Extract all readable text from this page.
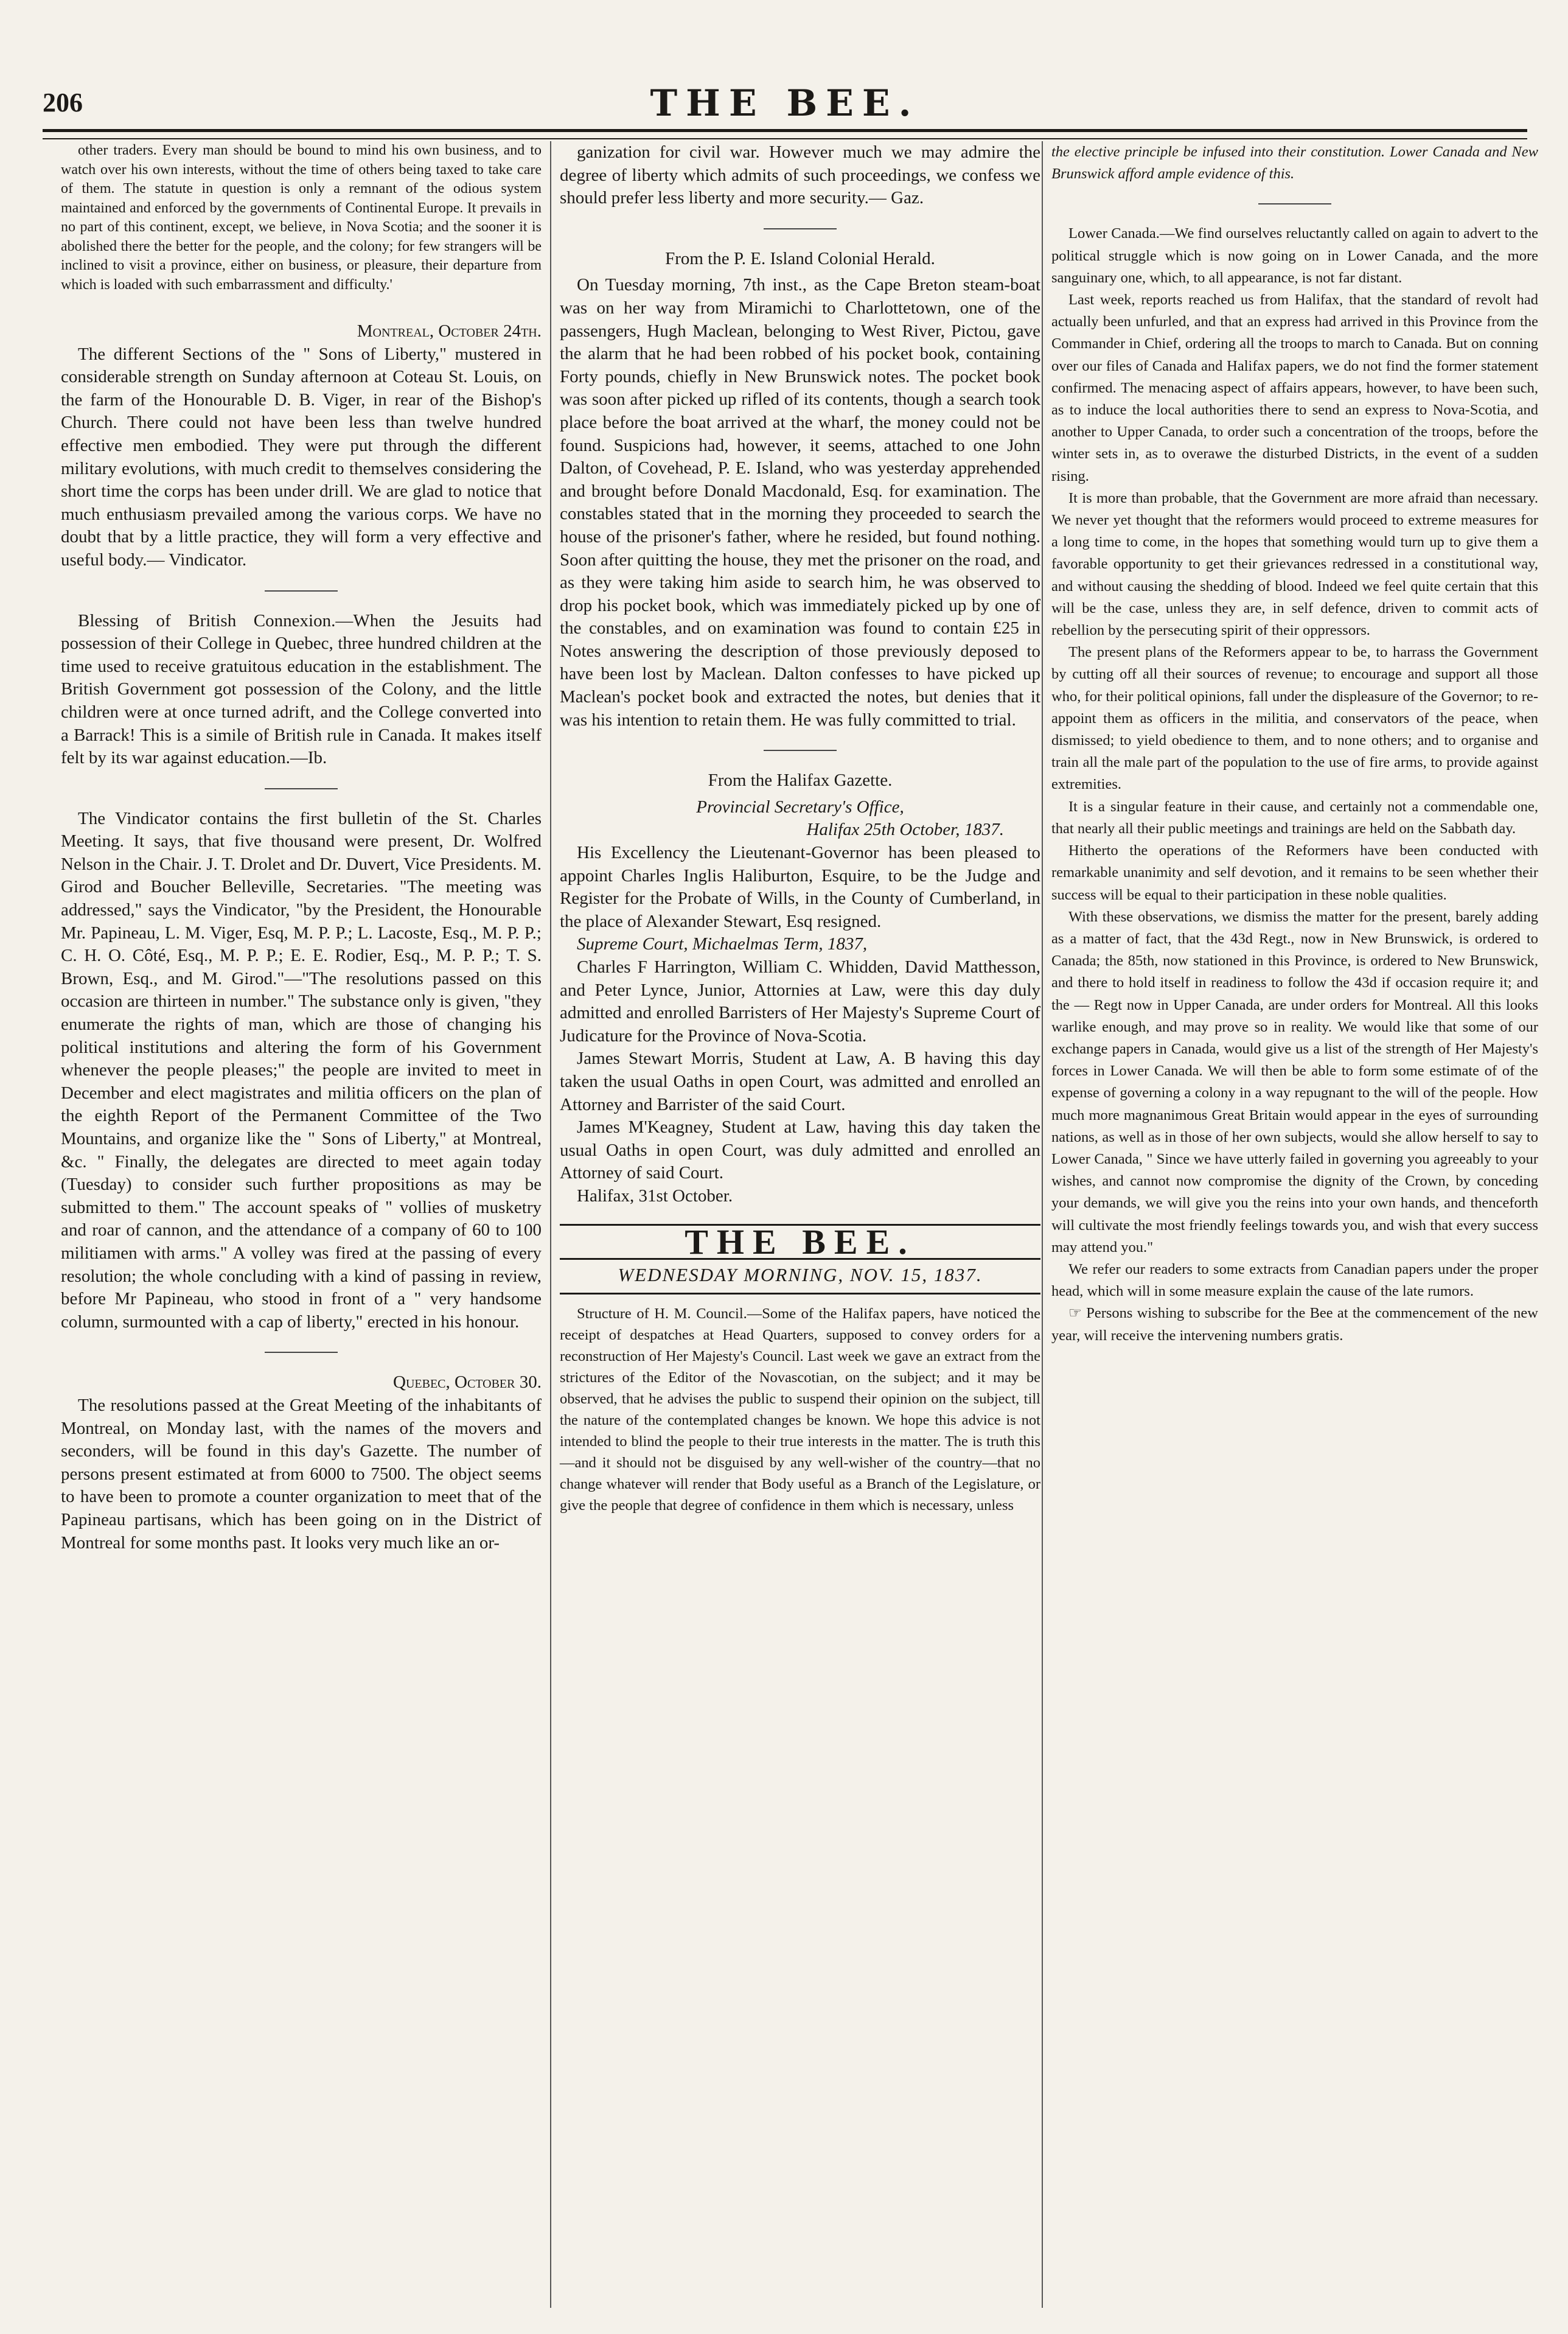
206	THE BEE.

other traders. Every man should be bound to mind his own business, and to watch over his own interests, without the time of others being taxed to take care of them. The statute in question is only a remnant of the odious system maintained and enforced by the governments of Continental Europe. It prevails in no part of this continent, except, we believe, in Nova Scotia; and the sooner it is abolished there the better for the people, and the colony; for few strangers will be inclined to visit a province, either on business, or pleasure, their departure from which is loaded with such embarrassment and difficulty.'

Montreal, October 24th.

The different Sections of the " Sons of Liberty," mustered in considerable strength on Sunday afternoon at Coteau St. Louis, on the farm of the Honourable D. B. Viger, in rear of the Bishop's Church. There could not have been less than twelve hundred effective men embodied. They were put through the different military evolutions, with much credit to themselves considering the short time the corps has been under drill. We are glad to notice that much enthusiasm prevailed among the various corps. We have no doubt that by a little practice, they will form a very effective and useful body.— Vindicator.

Blessing of British Connexion.—When the Jesuits had possession of their College in Quebec, three hundred children at the time used to receive gratuitous education in the establishment. The British Government got possession of the Colony, and the little children were at once turned adrift, and the College converted into a Barrack! This is a simile of British rule in Canada. It makes itself felt by its war against education.—Ib.

The Vindicator contains the first bulletin of the St. Charles Meeting. It says, that five thousand were present, Dr. Wolfred Nelson in the Chair. J. T. Drolet and Dr. Duvert, Vice Presidents. M. Girod and Boucher Belleville, Secretaries. "The meeting was addressed," says the Vindicator, "by the President, the Honourable Mr. Papineau, L. M. Viger, Esq, M. P. P.; L. Lacoste, Esq., M. P. P.; C. H. O. Côté, Esq., M. P. P.; E. E. Rodier, Esq., M. P. P.; T. S. Brown, Esq., and M. Girod."—"The resolutions passed on this occasion are thirteen in number." The substance only is given, "they enumerate the rights of man, which are those of changing his political institutions and altering the form of his Government whenever the people pleases;" the people are invited to meet in December and elect magistrates and militia officers on the plan of the eighth Report of the Permanent Committee of the Two Mountains, and organize like the " Sons of Liberty," at Montreal, &c. " Finally, the delegates are directed to meet again today (Tuesday) to consider such further propositions as may be submitted to them." The account speaks of " vollies of musketry and roar of cannon, and the attendance of a company of 60 to 100 militiamen with arms." A volley was fired at the passing of every resolution; the whole concluding with a kind of passing in review, before Mr Papineau, who stood in front of a " very handsome column, surmounted with a cap of liberty," erected in his honour.

Quebec, October 30.

The resolutions passed at the Great Meeting of the inhabitants of Montreal, on Monday last, with the names of the movers and seconders, will be found in this day's Gazette. The number of persons present estimated at from 6000 to 7500. The object seems to have been to promote a counter organization to meet that of the Papineau partisans, which has been going on in the District of Montreal for some months past. It looks very much like an or-

ganization for civil war. However much we may admire the degree of liberty which admits of such proceedings, we confess we should prefer less liberty and more security.— Gaz.

From the P. E. Island Colonial Herald.

On Tuesday morning, 7th inst., as the Cape Breton steam-boat was on her way from Miramichi to Charlottetown, one of the passengers, Hugh Maclean, belonging to West River, Pictou, gave the alarm that he had been robbed of his pocket book, containing Forty pounds, chiefly in New Brunswick notes. The pocket book was soon after picked up rifled of its contents, though a search took place before the boat arrived at the wharf, the money could not be found. Suspicions had, however, it seems, attached to one John Dalton, of Covehead, P. E. Island, who was yesterday apprehended and brought before Donald Macdonald, Esq. for examination. The constables stated that in the morning they proceeded to search the house of the prisoner's father, where he resided, but found nothing. Soon after quitting the house, they met the prisoner on the road, and as they were taking him aside to search him, he was observed to drop his pocket book, which was immediately picked up by one of the constables, and on examination was found to contain £25 in Notes answering the description of those previously deposed to have been lost by Maclean. Dalton confesses to have picked up Maclean's pocket book and extracted the notes, but denies that it was his intention to retain them. He was fully committed to trial.

From the Halifax Gazette.

Provincial Secretary's Office,

Halifax 25th October, 1837.

His Excellency the Lieutenant-Governor has been pleased to appoint Charles Inglis Haliburton, Esquire, to be the Judge and Register for the Probate of Wills, in the County of Cumberland, in the place of Alexander Stewart, Esq resigned.

Supreme Court, Michaelmas Term, 1837,

Charles F Harrington, William C. Whidden, David Matthesson, and Peter Lynce, Junior, Attornies at Law, were this day duly admitted and enrolled Barristers of Her Majesty's Supreme Court of Judicature for the Province of Nova-Scotia.

James Stewart Morris, Student at Law, A. B having this day taken the usual Oaths in open Court, was admitted and enrolled an Attorney and Barrister of the said Court.

James M'Keagney, Student at Law, having this day taken the usual Oaths in open Court, was duly admitted and enrolled an Attorney of said Court.

Halifax, 31st October.

THE BEE.
WEDNESDAY MORNING, NOV. 15, 1837.

Structure of H. M. Council.—Some of the Halifax papers, have noticed the receipt of despatches at Head Quarters, supposed to convey orders for a reconstruction of Her Majesty's Council. Last week we gave an extract from the strictures of the Editor of the Novascotian, on the subject; and it may be observed, that he advises the public to suspend their opinion on the subject, till the nature of the contemplated changes be known. We hope this advice is not intended to blind the people to their true interests in the matter. The is truth this—and it should not be disguised by any well-wisher of the country—that no change whatever will render that Body useful as a Branch of the Legislature, or give the people that degree of confidence in them which is necessary, unless

the elective principle be infused into their constitution. Lower Canada and New Brunswick afford ample evidence of this.

Lower Canada.—We find ourselves reluctantly called on again to advert to the political struggle which is now going on in Lower Canada, and the more sanguinary one, which, to all appearance, is not far distant.

Last week, reports reached us from Halifax, that the standard of revolt had actually been unfurled, and that an express had arrived in this Province from the Commander in Chief, ordering all the troops to march to Canada. But on conning over our files of Canada and Halifax papers, we do not find the former statement confirmed. The menacing aspect of affairs appears, however, to have been such, as to induce the local authorities there to send an express to Nova-Scotia, and another to Upper Canada, to order such a concentration of the troops, before the winter sets in, as to overawe the disturbed Districts, in the event of a sudden rising.

It is more than probable, that the Government are more afraid than necessary. We never yet thought that the reformers would proceed to extreme measures for a long time to come, in the hopes that something would turn up to give them a favorable opportunity to get their grievances redressed in a constitutional way, and without causing the shedding of blood. Indeed we feel quite certain that this will be the case, unless they are, in self defence, driven to commit acts of rebellion by the persecuting spirit of their oppressors.

The present plans of the Reformers appear to be, to harrass the Government by cutting off all their sources of revenue; to encourage and support all those who, for their political opinions, fall under the displeasure of the Governor; to re-appoint them as officers in the militia, and conservators of the peace, when dismissed; to yield obedience to them, and to none others; and to organise and train all the male part of the population to the use of fire arms, to provide against extremities.

It is a singular feature in their cause, and certainly not a commendable one, that nearly all their public meetings and trainings are held on the Sabbath day.

Hitherto the operations of the Reformers have been conducted with remarkable unanimity and self devotion, and it remains to be seen whether their success will be equal to their participation in these noble qualities.

With these observations, we dismiss the matter for the present, barely adding as a matter of fact, that the 43d Regt., now in New Brunswick, is ordered to Canada; the 85th, now stationed in this Province, is ordered to New Brunswick, and there to hold itself in readiness to follow the 43d if occasion require it; and the — Regt now in Upper Canada, are under orders for Montreal. All this looks warlike enough, and may prove so in reality. We would like that some of our exchange papers in Canada, would give us a list of the strength of Her Majesty's forces in Lower Canada. We will then be able to form some estimate of of the expense of governing a colony in a way repugnant to the will of the people. How much more magnanimous Great Britain would appear in the eyes of surrounding nations, as well as in those of her own subjects, would she allow herself to say to Lower Canada, " Since we have utterly failed in governing you agreeably to your wishes, and cannot now compromise the dignity of the Crown, by conceding your demands, we will give you the reins into your own hands, and thenceforth will cultivate the most friendly feelings towards you, and wish that every success may attend you."

We refer our readers to some extracts from Canadian papers under the proper head, which will in some measure explain the cause of the late rumors.

☞ Persons wishing to subscribe for the Bee at the commencement of the new year, will receive the intervening numbers gratis.
